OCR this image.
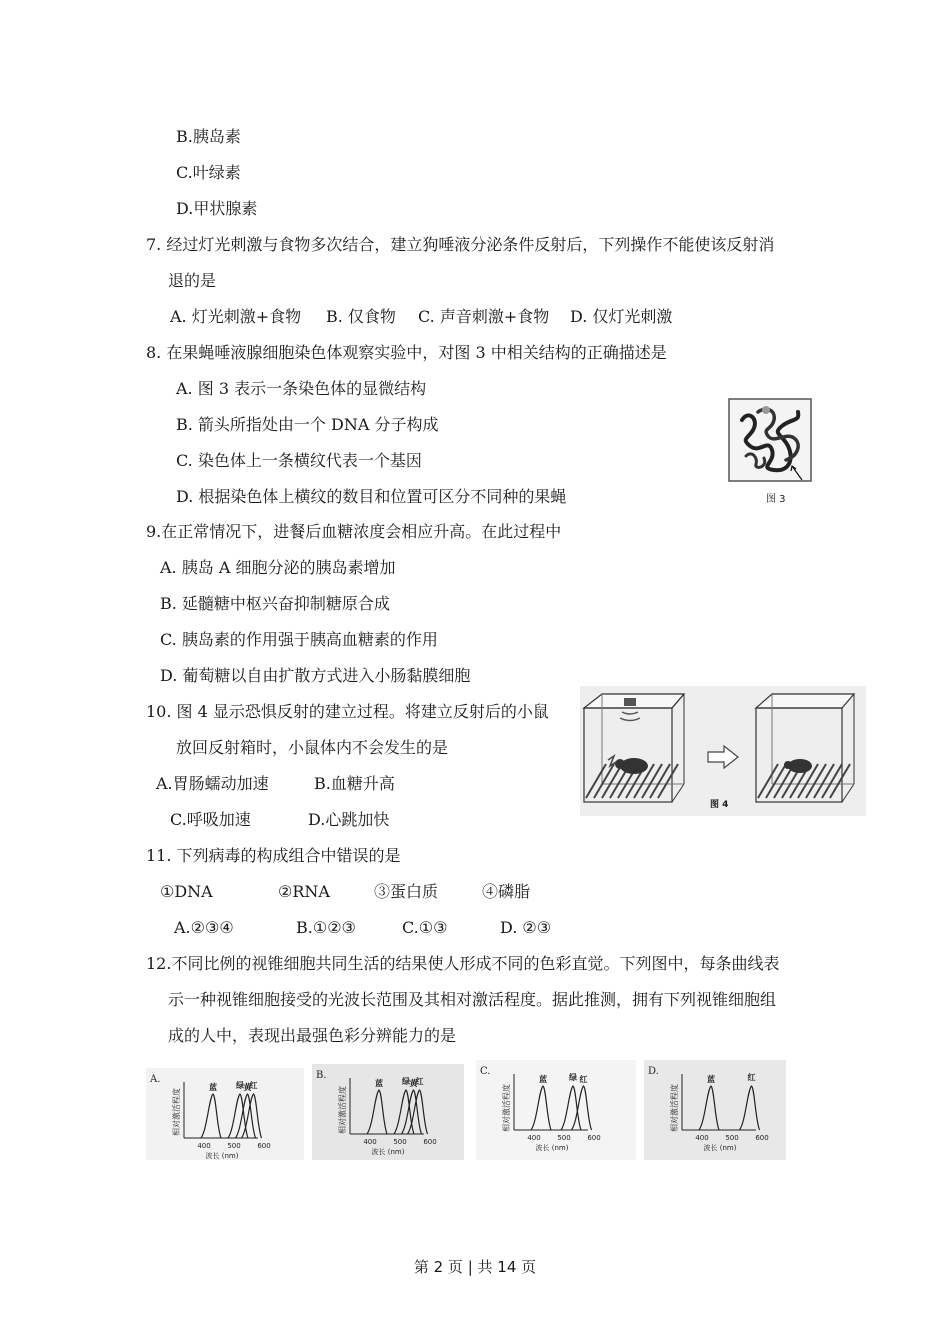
B.胰岛素
C.叶绿素
D.甲状腺素
7. 经过灯光刺激与食物多次结合，建立狗唾液分泌条件反射后，下列操作不能使该反射消
退的是
A. 灯光刺激+食物 B. 仅食物 C. 声音刺激+食物 D. 仅灯光刺激
8. 在果蝇唾液腺细胞染色体观察实验中，对图 3 中相关结构的正确描述是
A. 图 3 表示一条染色体的显微结构
B. 箭头所指处由一个 DNA 分子构成
C. 染色体上一条横纹代表一个基因
D. 根据染色体上横纹的数目和位置可区分不同种的果蝇	图 3
9.在正常情况下，进餐后血糖浓度会相应升高。在此过程中
A. 胰岛 A 细胞分泌的胰岛素增加
B. 延髓糖中枢兴奋抑制糖原合成
C. 胰岛素的作用强于胰高血糖素的作用
D. 葡萄糖以自由扩散方式进入小肠黏膜细胞
10. 图 4 显示恐惧反射的建立过程。将建立反射后的小鼠
放回反射箱时，小鼠体内不会发生的是
A.胃肠蠕动加速	B.血糖升高
C.呼吸加速	D.心跳加快
图 4
11. 下列病毒的构成组合中错误的是
①DNA	②RNA	③蛋白质	④磷脂
A.②③④	B.①②③	C.①③	D. ②③
12.不同比例的视锥细胞共同生活的结果使人形成不同的色彩直觉。下列图中，每条曲线表
示一种视锥细胞接受的光波长范围及其相对激活程度。据此推测，拥有下列视锥细胞组
成的人中，表现出最强色彩分辨能力的是
A.
相对激活程度
400 500 600
波长 (nm)
蓝 绿 黄
红
B.
相对激活程度
400 500 600
波长 (nm)
蓝 绿 黄
红
C.
相对激活程度
400 500 600
波长 (nm)
蓝	绿 红
D.
相对激活程度
400 500 600
波长 (nm)
蓝	红
第 2 页 | 共 14 页
